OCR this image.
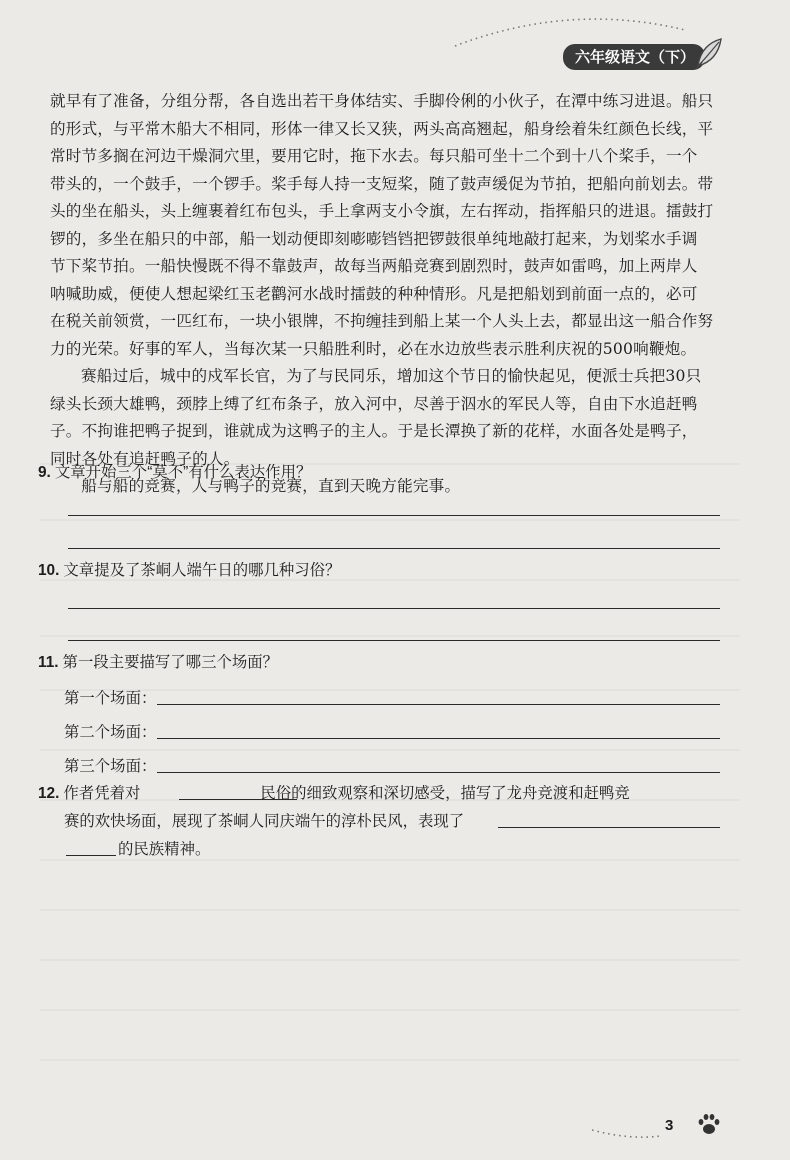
六年级语文（下）

就早有了准备，分组分帮，各自选出若干身体结实、手脚伶俐的小伙子，在潭中练习进退。船只
的形式，与平常木船大不相同，形体一律又长又狭，两头高高翘起，船身绘着朱红颜色长线，平
常时节多搁在河边干燥洞穴里，要用它时，拖下水去。每只船可坐十二个到十八个桨手，一个
带头的，一个鼓手，一个锣手。桨手每人持一支短桨，随了鼓声缓促为节拍，把船向前划去。带
头的坐在船头，头上缠裹着红布包头，手上拿两支小令旗，左右挥动，指挥船只的进退。擂鼓打
锣的，多坐在船只的中部，船一划动便即刻嘭嘭铛铛把锣鼓很单纯地敲打起来，为划桨水手调
节下桨节拍。一船快慢既不得不靠鼓声，故每当两船竞赛到剧烈时，鼓声如雷鸣，加上两岸人
呐喊助威，便使人想起梁红玉老鹳河水战时擂鼓的种种情形。凡是把船划到前面一点的，必可
在税关前领赏，一匹红布，一块小银牌，不拘缠挂到船上某一个人头上去，都显出这一船合作努
力的光荣。好事的军人，当每次某一只船胜利时，必在水边放些表示胜利庆祝的500响鞭炮。

赛船过后，城中的戍军长官，为了与民同乐，增加这个节日的愉快起见，便派士兵把30只
绿头长颈大雄鸭，颈脖上缚了红布条子，放入河中，尽善于泅水的军民人等，自由下水追赶鸭
子。不拘谁把鸭子捉到，谁就成为这鸭子的主人。于是长潭换了新的花样，水面各处是鸭子，
同时各处有追赶鸭子的人。

船与船的竞赛，人与鸭子的竞赛，直到天晚方能完事。

9. 文章开始三个“莫不”有什么表达作用？
10. 文章提及了茶峒人端午日的哪几种习俗？
11. 第一段主要描写了哪三个场面？
第一个场面：
第二个场面：
第三个场面：
12. 作者凭着对	民俗的细致观察和深切感受，描写了龙舟竞渡和赶鸭竞
赛的欢快场面，展现了茶峒人同庆端午的淳朴民风，表现了
的民族精神。
3
